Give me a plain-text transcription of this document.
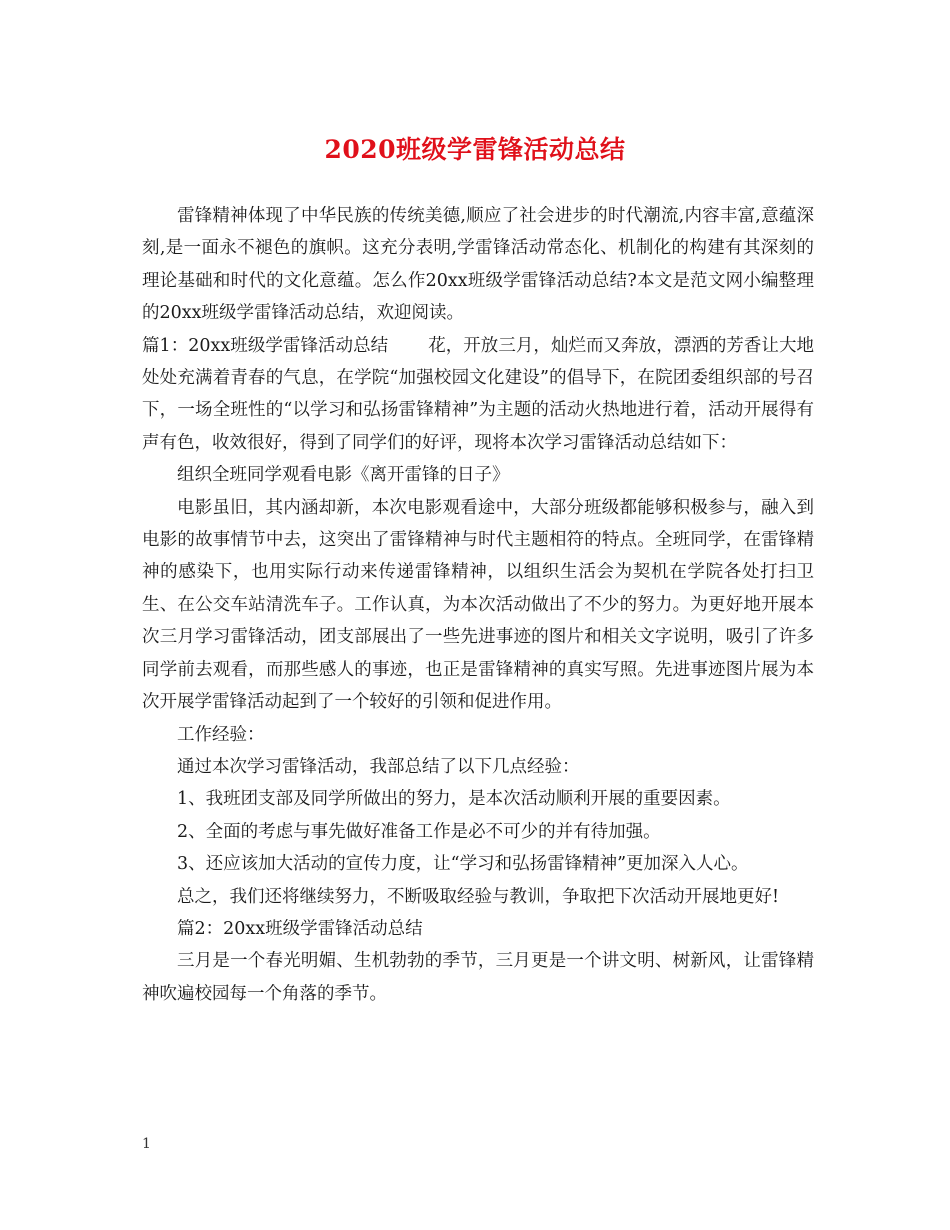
2020班级学雷锋活动总结

雷锋精神体现了中华民族的传统美德,顺应了社会进步的时代潮流,内容丰富,意蕴深刻,是一面永不褪色的旗帜。这充分表明,学雷锋活动常态化、机制化的构建有其深刻的理论基础和时代的文化意蕴。怎么作20xx班级学雷锋活动总结?本文是范文网小编整理的20xx班级学雷锋活动总结，欢迎阅读。

篇1：20xx班级学雷锋活动总结 花，开放三月，灿烂而又奔放，漂洒的芳香让大地处处充满着青春的气息，在学院“加强校园文化建设”的倡导下，在院团委组织部的号召下，一场全班性的“以学习和弘扬雷锋精神”为主题的活动火热地进行着，活动开展得有声有色，收效很好，得到了同学们的好评，现将本次学习雷锋活动总结如下：

组织全班同学观看电影《离开雷锋的日子》

电影虽旧，其内涵却新，本次电影观看途中，大部分班级都能够积极参与，融入到电影的故事情节中去，这突出了雷锋精神与时代主题相符的特点。全班同学，在雷锋精神的感染下，也用实际行动来传递雷锋精神，以组织生活会为契机在学院各处打扫卫生、在公交车站清洗车子。工作认真，为本次活动做出了不少的努力。为更好地开展本次三月学习雷锋活动，团支部展出了一些先进事迹的图片和相关文字说明，吸引了许多同学前去观看，而那些感人的事迹，也正是雷锋精神的真实写照。先进事迹图片展为本次开展学雷锋活动起到了一个较好的引领和促进作用。

工作经验：

通过本次学习雷锋活动，我部总结了以下几点经验：

1、我班团支部及同学所做出的努力，是本次活动顺利开展的重要因素。

2、全面的考虑与事先做好准备工作是必不可少的并有待加强。

3、还应该加大活动的宣传力度，让“学习和弘扬雷锋精神”更加深入人心。

总之，我们还将继续努力，不断吸取经验与教训，争取把下次活动开展地更好!

篇2：20xx班级学雷锋活动总结

三月是一个春光明媚、生机勃勃的季节，三月更是一个讲文明、树新风，让雷锋精神吹遍校园每一个角落的季节。

1
